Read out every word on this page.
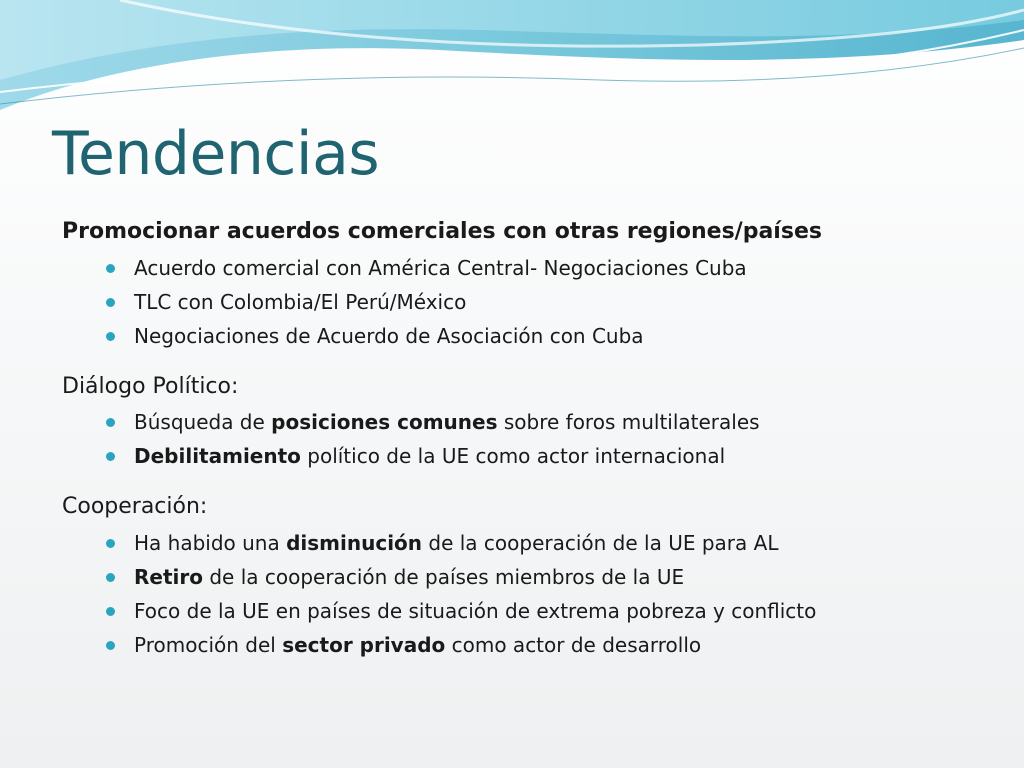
Tendencias

Promocionar acuerdos comerciales con otras regiones/países

Acuerdo comercial con América Central- Negociaciones Cuba
TLC con Colombia/El Perú/México
Negociaciones de Acuerdo de Asociación con Cuba

Diálogo Político:

Búsqueda de posiciones comunes sobre foros multilaterales
Debilitamiento político de la UE como actor internacional

Cooperación:

Ha habido una disminución de la cooperación de la UE para AL
Retiro de la cooperación de países miembros de la UE
Foco de la UE en países de situación de extrema pobreza y conflicto
Promoción del sector privado como actor de desarrollo
